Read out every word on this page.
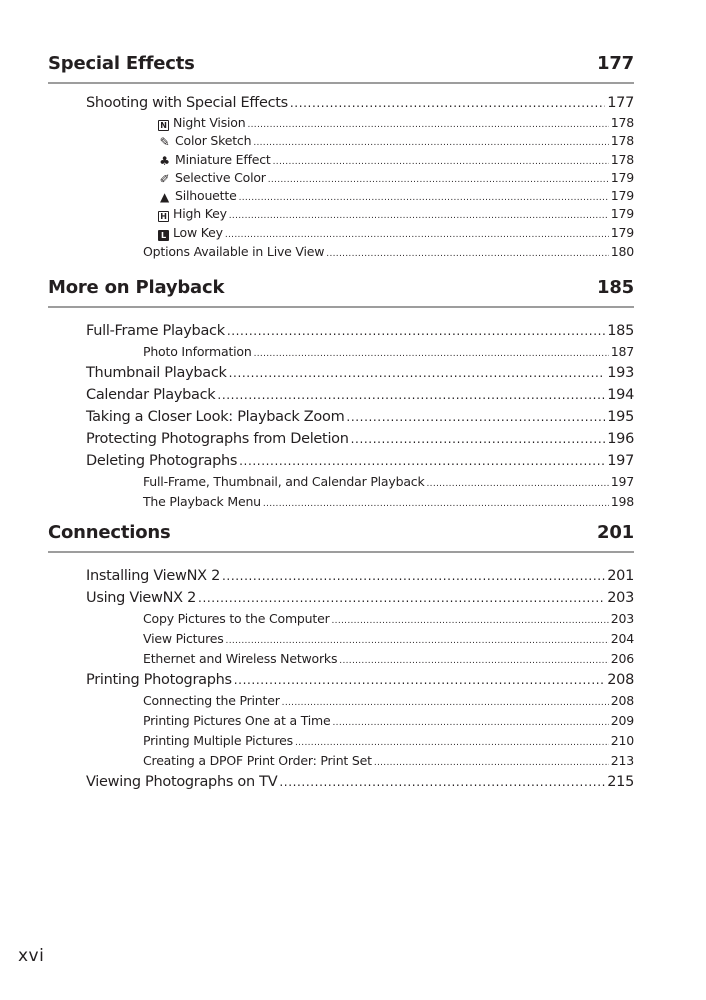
Special Effects	177
Shooting with Special Effects .....	177
N Night Vision .....	178
✎ Color Sketch .....	178
♣ Miniature Effect .....	178
✐ Selective Color .....	179
▲ Silhouette .....	179
H High Key .....	179
L Low Key .....	179
Options Available in Live View .....	180
More on Playback	185
Full-Frame Playback .....	185
Photo Information .....	187
Thumbnail Playback .....	193
Calendar Playback .....	194
Taking a Closer Look: Playback Zoom .....	195
Protecting Photographs from Deletion .....	196
Deleting Photographs .....	197
Full-Frame, Thumbnail, and Calendar Playback .....	197
The Playback Menu .....	198
Connections	201
Installing ViewNX 2 .....	201
Using ViewNX 2 .....	203
Copy Pictures to the Computer .....	203
View Pictures .....	204
Ethernet and Wireless Networks .....	206
Printing Photographs .....	208
Connecting the Printer .....	208
Printing Pictures One at a Time .....	209
Printing Multiple Pictures .....	210
Creating a DPOF Print Order: Print Set .....	213
Viewing Photographs on TV .....	215
xvi
